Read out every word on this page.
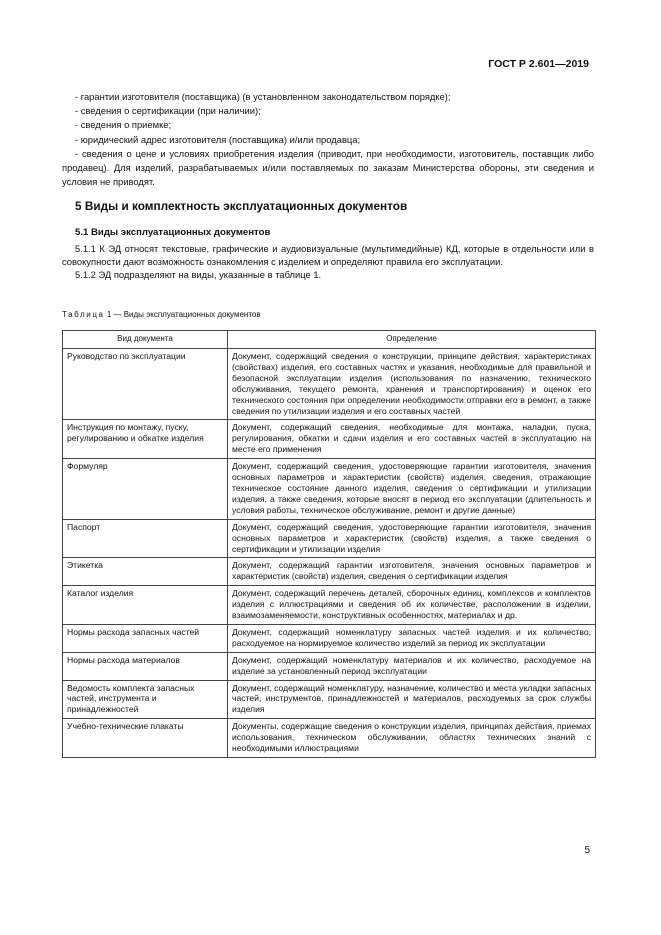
ГОСТ Р 2.601—2019

- гарантии изготовителя (поставщика) (в установленном законодательством порядке);

- сведения о сертификации (при наличии);

- сведения о приемке;

- юридический адрес изготовителя (поставщика) и/или продавца;

- сведения о цене и условиях приобретения изделия (приводит, при необходимости, изготовитель, поставщик либо продавец). Для изделий, разрабатываемых и/или поставляемых по заказам Министерства обороны, эти сведения и условия не приводят.

5 Виды и комплектность эксплуатационных документов
5.1 Виды эксплуатационных документов

5.1.1 К ЭД относят текстовые, графические и аудиовизуальные (мультимедийные) КД, которые в отдельности или в совокупности дают возможность ознакомления с изделием и определяют правила его эксплуатации.

5.1.2 ЭД подразделяют на виды, указанные в таблице 1.

Таблица 1 — Виды эксплуатационных документов
Вид документа	Определение
Руководство по эксплуатации	Документ, содержащий сведения о конструкции, принципе действия, характеристиках (свойствах) изделия, его составных частях и указания, необходимые для правильной и безопасной эксплуатации изделия (использования по назначению, технического обслуживания, текущего ремонта, хранения и транспортирования) и оценок его технического состояния при определении необходимости отправки его в ремонт, а также сведения по утилизации изделия и его составных частей
Инструкция по монтажу, пуску, регулированию и обкатке изделия	Документ, содержащий сведения, необходимые для монтажа, наладки, пуска, регулирования, обкатки и сдачи изделия и его составных частей в эксплуатацию на месте его применения
Формуляр	Документ, содержащий сведения, удостоверяющие гарантии изготовителя, значения основных параметров и характеристик (свойств) изделия, сведения, отражающие техническое состояние данного изделия, сведения о сертификации и утилизации изделия, а также сведения, которые вносят в период его эксплуатации (длительность и условия работы, техническое обслуживание, ремонт и другие данные)
Паспорт	Документ, содержащий сведения, удостоверяющие гарантии изготовителя, значения основных параметров и характеристик (свойств) изделия, а также сведения о сертификации и утилизации изделия
Этикетка	Документ, содержащий гарантии изготовителя, значения основных параметров и характеристик (свойств) изделия, сведения о сертификации изделия
Каталог изделия	Документ, содержащий перечень деталей, сборочных единиц, комплексов и комплектов изделия с иллюстрациями и сведения об их количестве, расположении в изделии, взаимозаменяемости, конструктивных особенностях, материалах и др.
Нормы расхода запасных частей	Документ, содержащий номенклатуру запасных частей изделия и их количество, расходуемое на нормируемое количество изделий за период их эксплуатации
Нормы расхода материалов	Документ, содержащий номенклатуру материалов и их количество, расходуемое на изделие за установленный период эксплуатации
Ведомость комплекта запасных частей, инструмента и принадлежностей	Документ, содержащий номенклатуру, назначение, количество и места укладки запасных частей, инструментов, принадлежностей и материалов, расходуемых за срок службы изделия
Учебно-технические плакаты	Документы, содержащие сведения о конструкции изделия, принципах действия, приемах использования, техническом обслуживании, областях технических знаний с необходимыми иллюстрациями
5
